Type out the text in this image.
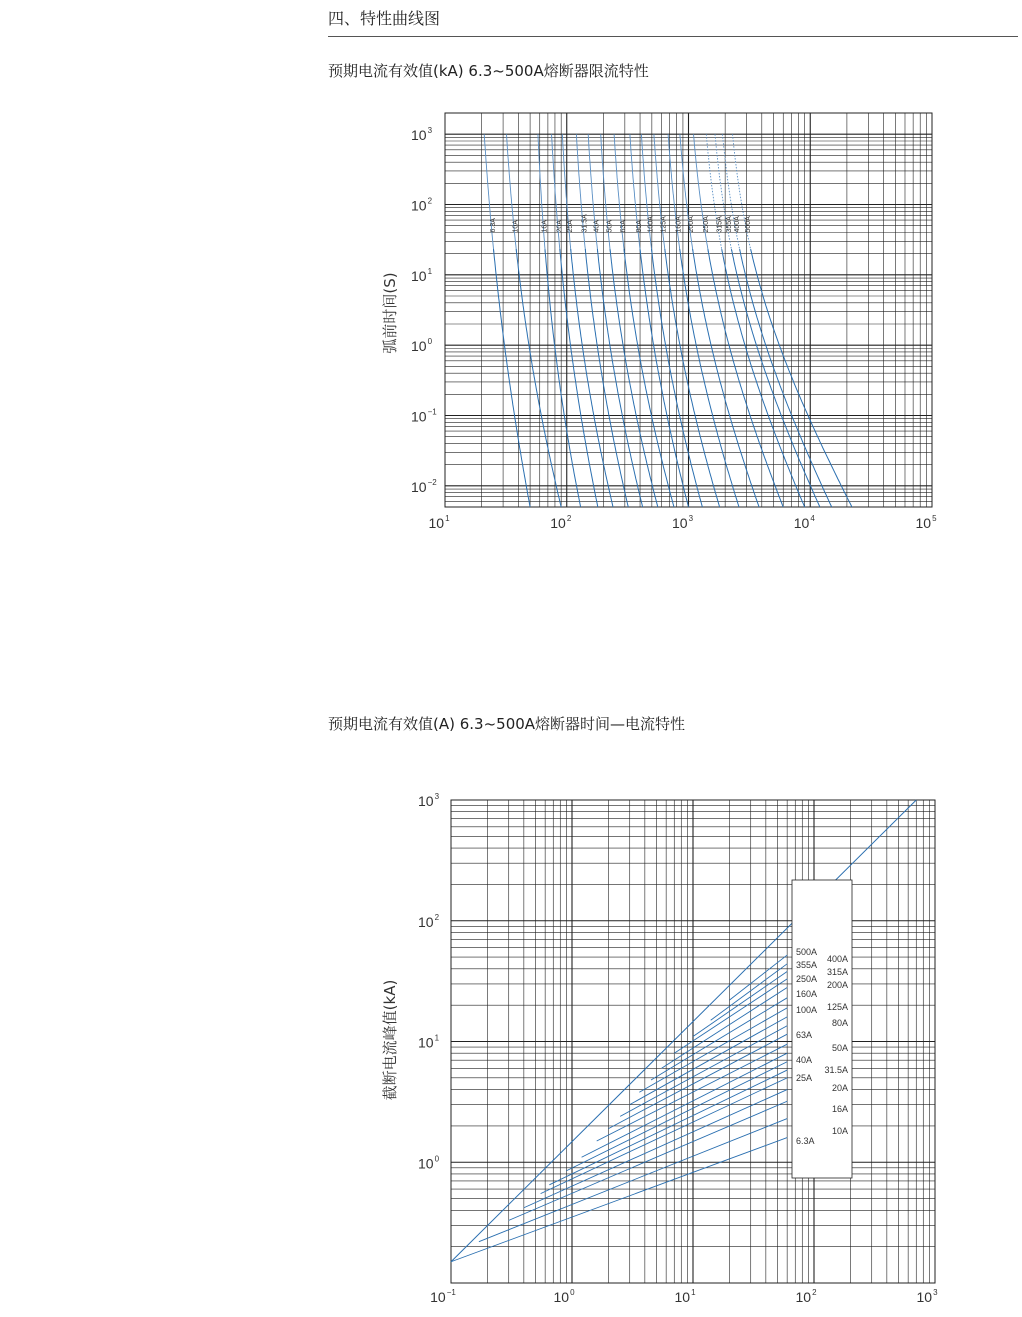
四、特性曲线图
预期电流有效值(kA) 6.3~500A熔断器限流特性
预期电流有效值(A) 6.3~500A熔断器时间—电流特性
6.3A 10A	16A 20A 25A 31.5A 40A 50A 63A 80A 100A 125A 160A 200A 250A 315A 355A 400A 500A
$10^1$	$10^2$	$10^3$	$10^4$	$10^5$
$10^3$
$10^2$
$10^1$
$10^0$
$10^{-1}$
$10^{-2}$
弧前时间(S)
500A
355A
250A
160A
100A
63A
40A
25A
6.3A
400A
315A
200A
125A
80A
50A
31.5A
20A
16A
10A
$10^{-1}$	$10^0$	$10^1$	$10^2$	$10^3$
$10^3$
$10^2$
$10^1$
$10^0$
截断电流峰值(kA)
